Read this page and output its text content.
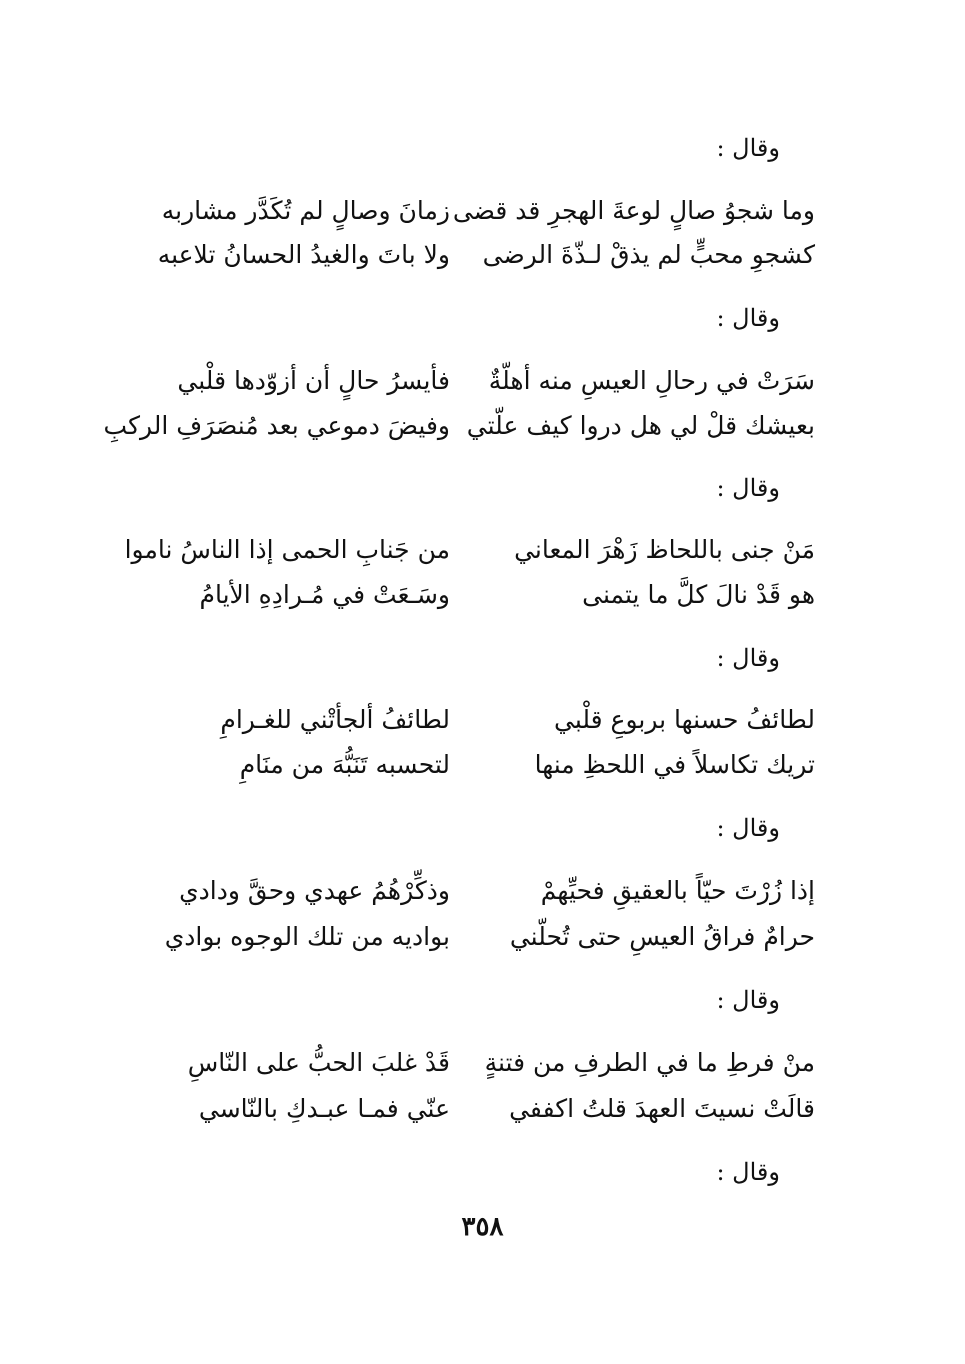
وقال :
وما شجوُ صالٍ لوعةَ الهجرِ قد قضى
زمانَ وصالٍ لم تُكَدَّر مشاربه
كشجوِ محبٍّ لم يذقْ لـذّةَ الرضى
ولا باتَ والغيدُ الحسانُ تلاعبه
وقال :
سَرَتْ في رحالِ العيسِ منه أهلّةٌ
فأيسرُ حالٍ أن أزوّدها قلْبي
بعيشك قلْ لي هل دروا كيف علّتي
وفيضَ دموعي بعد مُنصَرَفِ الركبِ
وقال :
مَنْ جنى باللحاظ زَهْرَ المعاني
من جَنابِ الحمى إذا الناسُ ناموا
هو قَدْ نالَ كلَّ ما يتمنى
وسَـعَتْ في مُـرادِهِ الأيامُ
وقال :
لطائفُ حسنها بربوعِ قلْبي
لطائفُ ألجأتْني للغـرامِ
تريك تكاسلاً في اللحظِ منها
لتحسبه تَنَبُّهَ من منَامِ
وقال :
إذا زُرْتَ حيّاً بالعقيقِ فحيِّهمْ
وذكِّرْهُمُ عهدي وحقَّ ودادي
حرامٌ فراقُ العيسِ حتى تُحلّني
بواديه من تلك الوجوه بوادي
وقال :
منْ فرطِ ما في الطرفِ من فتنةٍ
قَدْ غلبَ الحبُّ على النّاسِ
قالَتْ نسيتَ العهدَ قلتُ اكففي
عنّي فمـا عبـدكِ بالنّاسي
وقال :
٣٥٨
